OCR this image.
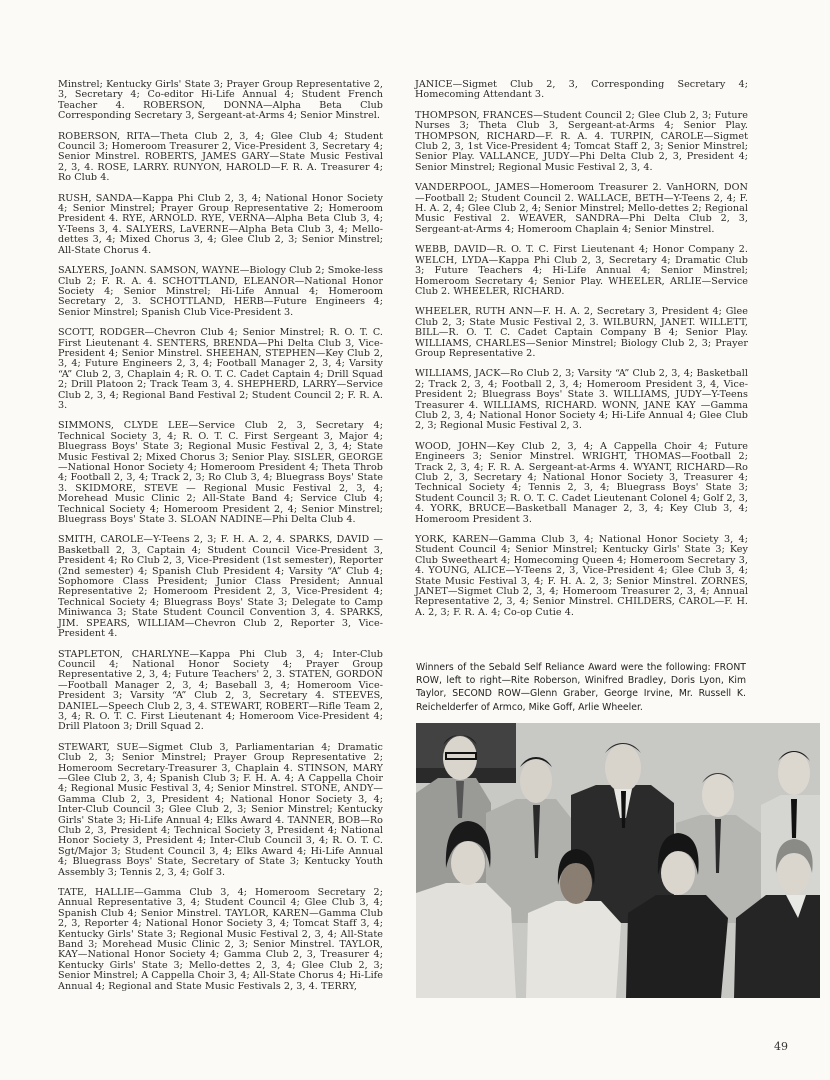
Minstrel; Kentucky Girls' State 3; Prayer Group Representative 2, 3, Secretary 4; Co-editor Hi-Life Annual 4; Student French Teacher 4. ROBERSON, DONNA—Alpha Beta Club Corresponding Secretary 3, Sergeant-at-Arms 4; Senior Minstrel.

ROBERSON, RITA—Theta Club 2, 3, 4; Glee Club 4; Student Council 3; Homeroom Treasurer 2, Vice-President 3, Secretary 4; Senior Minstrel. ROBERTS, JAMES GARY—State Music Festival 2, 3, 4. ROSE, LARRY. RUNYON, HAROLD—F. R. A. Treasurer 4; Ro Club 4.

RUSH, SANDA—Kappa Phi Club 2, 3, 4; National Honor Society 4; Senior Minstrel; Prayer Group Representative 2; Homeroom President 4. RYE, ARNOLD. RYE, VERNA—Alpha Beta Club 3, 4; Y-Teens 3, 4. SALYERS, LaVERNE—Alpha Beta Club 3, 4; Mello-dettes 3, 4; Mixed Chorus 3, 4; Glee Club 2, 3; Senior Minstrel; All-State Chorus 4.

SALYERS, JoANN. SAMSON, WAYNE—Biology Club 2; Smoke-less Club 2; F. R. A. 4. SCHOTTLAND, ELEANOR—National Honor Society 4; Senior Minstrel; Hi-Life Annual 4; Homeroom Secretary 2, 3. SCHOTTLAND, HERB—Future Engineers 4; Senior Minstrel; Spanish Club Vice-President 3.

SCOTT, RODGER—Chevron Club 4; Senior Minstrel; R. O. T. C. First Lieutenant 4. SENTERS, BRENDA—Phi Delta Club 3, Vice-President 4; Senior Minstrel. SHEEHAN, STEPHEN—Key Club 2, 3, 4; Future Engineers 2, 3, 4; Football Manager 2, 3, 4; Varsity “A” Club 2, 3, Chaplain 4; R. O. T. C. Cadet Captain 4; Drill Squad 2; Drill Platoon 2; Track Team 3, 4. SHEPHERD, LARRY—Service Club 2, 3, 4; Regional Band Festival 2; Student Council 2; F. R. A. 3.

SIMMONS, CLYDE LEE—Service Club 2, 3, Secretary 4; Technical Society 3, 4; R. O. T. C. First Sergeant 3, Major 4; Bluegrass Boys' State 3; Regional Music Festival 2, 3, 4; State Music Festival 2; Mixed Chorus 3; Senior Play. SISLER, GEORGE—National Honor Society 4; Homeroom President 4; Theta Throb 4; Football 2, 3, 4; Track 2, 3; Ro Club 3, 4; Bluegrass Boys' State 3. SKIDMORE, STEVE — Regional Music Festival 2, 3, 4; Morehead Music Clinic 2; All-State Band 4; Service Club 4; Technical Society 4; Homeroom President 2, 4; Senior Minstrel; Bluegrass Boys' State 3. SLOAN NADINE—Phi Delta Club 4.

SMITH, CAROLE—Y-Teens 2, 3; F. H. A. 2, 4. SPARKS, DAVID —Basketball 2, 3, Captain 4; Student Council Vice-President 3, President 4; Ro Club 2, 3, Vice-President (1st semester), Reporter (2nd semester) 4; Spanish Club President 4; Varsity “A” Club 4; Sophomore Class President; Junior Class President; Annual Representative 2; Homeroom President 2, 3, Vice-President 4; Technical Society 4; Bluegrass Boys' State 3; Delegate to Camp Miniwanca 3; State Student Council Convention 3, 4. SPARKS, JIM. SPEARS, WILLIAM—Chevron Club 2, Reporter 3, Vice-President 4.

STAPLETON, CHARLYNE—Kappa Phi Club 3, 4; Inter-Club Council 4; National Honor Society 4; Prayer Group Representative 2, 3, 4; Future Teachers' 2, 3. STATEN, GORDON—Football Manager 2, 3, 4; Baseball 3, 4; Homeroom Vice-President 3; Varsity “A” Club 2, 3, Secretary 4. STEEVES, DANIEL—Speech Club 2, 3, 4. STEWART, ROBERT—Rifle Team 2, 3, 4; R. O. T. C. First Lieutenant 4; Homeroom Vice-President 4; Drill Platoon 3; Drill Squad 2.

STEWART, SUE—Sigmet Club 3, Parliamentarian 4; Dramatic Club 2, 3; Senior Minstrel; Prayer Group Representative 2; Homeroom Secretary-Treasurer 3, Chaplain 4. STINSON, MARY—Glee Club 2, 3, 4; Spanish Club 3; F. H. A. 4; A Cappella Choir 4; Regional Music Festival 3, 4; Senior Minstrel. STONE, ANDY—Gamma Club 2, 3, President 4; National Honor Society 3, 4; Inter-Club Council 3; Glee Club 2, 3; Senior Minstrel; Kentucky Girls' State 3; Hi-Life Annual 4; Elks Award 4. TANNER, BOB—Ro Club 2, 3, President 4; Technical Society 3, President 4; National Honor Society 3, President 4; Inter-Club Council 3, 4; R. O. T. C. Sgt/Major 3; Student Council 3, 4; Elks Award 4; Hi-Life Annual 4; Bluegrass Boys' State, Secretary of State 3; Kentucky Youth Assembly 3; Tennis 2, 3, 4; Golf 3.

TATE, HALLIE—Gamma Club 3, 4; Homeroom Secretary 2; Annual Representative 3, 4; Student Council 4; Glee Club 3, 4; Spanish Club 4; Senior Minstrel. TAYLOR, KAREN—Gamma Club 2, 3, Reporter 4; National Honor Society 3, 4; Tomcat Staff 3, 4; Kentucky Girls' State 3; Regional Music Festival 2, 3, 4; All-State Band 3; Morehead Music Clinic 2, 3; Senior Minstrel. TAYLOR, KAY—National Honor Society 4; Gamma Club 2, 3, Treasurer 4; Kentucky Girls' State 3; Mello-dettes 2, 3, 4; Glee Club 2, 3; Senior Minstrel; A Cappella Choir 3, 4; All-State Chorus 4; Hi-Life Annual 4; Regional and State Music Festivals 2, 3, 4. TERRY,

JANICE—Sigmet Club 2, 3, Corresponding Secretary 4; Homecoming Attendant 3.

THOMPSON, FRANCES—Student Council 2; Glee Club 2, 3; Future Nurses 3; Theta Club 3, Sergeant-at-Arms 4; Senior Play. THOMPSON, RICHARD—F. R. A. 4. TURPIN, CAROLE—Sigmet Club 2, 3, 1st Vice-President 4; Tomcat Staff 2, 3; Senior Minstrel; Senior Play. VALLANCE, JUDY—Phi Delta Club 2, 3, President 4; Senior Minstrel; Regional Music Festival 2, 3, 4.

VANDERPOOL, JAMES—Homeroom Treasurer 2. VanHORN, DON —Football 2; Student Council 2. WALLACE, BETH—Y-Teens 2, 4; F. H. A. 2, 4; Glee Club 2, 4; Senior Minstrel; Mello-dettes 2; Regional Music Festival 2. WEAVER, SANDRA—Phi Delta Club 2, 3, Sergeant-at-Arms 4; Homeroom Chaplain 4; Senior Minstrel.

WEBB, DAVID—R. O. T. C. First Lieutenant 4; Honor Company 2. WELCH, LYDA—Kappa Phi Club 2, 3, Secretary 4; Dramatic Club 3; Future Teachers 4; Hi-Life Annual 4; Senior Minstrel; Homeroom Secretary 4; Senior Play. WHEELER, ARLIE—Service Club 2. WHEELER, RICHARD.

WHEELER, RUTH ANN—F. H. A. 2, Secretary 3, President 4; Glee Club 2, 3; State Music Festival 2, 3. WILBURN, JANET. WILLETT, BILL—R. O. T. C. Cadet Captain Company B 4; Senior Play. WILLIAMS, CHARLES—Senior Minstrel; Biology Club 2, 3; Prayer Group Representative 2.

WILLIAMS, JACK—Ro Club 2, 3; Varsity “A” Club 2, 3, 4; Basketball 2; Track 2, 3, 4; Football 2, 3, 4; Homeroom President 3, 4, Vice-President 2; Bluegrass Boys' State 3. WILLIAMS, JUDY—Y-Teens Treasurer 4. WILLIAMS, RICHARD. WONN, JANE KAY —Gamma Club 2, 3, 4; National Honor Society 4; Hi-Life Annual 4; Glee Club 2, 3; Regional Music Festival 2, 3.

WOOD, JOHN—Key Club 2, 3, 4; A Cappella Choir 4; Future Engineers 3; Senior Minstrel. WRIGHT, THOMAS—Football 2; Track 2, 3, 4; F. R. A. Sergeant-at-Arms 4. WYANT, RICHARD—Ro Club 2, 3, Secretary 4; National Honor Society 3, Treasurer 4; Technical Society 4; Tennis 2, 3, 4; Bluegrass Boys' State 3; Student Council 3; R. O. T. C. Cadet Lieutenant Colonel 4; Golf 2, 3, 4. YORK, BRUCE—Basketball Manager 2, 3, 4; Key Club 3, 4; Homeroom President 3.

YORK, KAREN—Gamma Club 3, 4; National Honor Society 3, 4; Student Council 4; Senior Minstrel; Kentucky Girls' State 3; Key Club Sweetheart 4; Homecoming Queen 4; Homeroom Secretary 3, 4. YOUNG, ALICE—Y-Teens 2, 3, Vice-President 4; Glee Club 3, 4; State Music Festival 3, 4; F. H. A. 2, 3; Senior Minstrel. ZORNES, JANET—Sigmet Club 2, 3, 4; Homeroom Treasurer 2, 3, 4; Annual Representative 2, 3, 4; Senior Minstrel. CHILDERS, CAROL—F. H. A. 2, 3; F. R. A. 4; Co-op Cutie 4.

Winners of the Sebald Self Reliance Award were the following: FRONT ROW, left to right—Rite Roberson, Winifred Bradley, Doris Lyon, Kim Taylor, SECOND ROW—Glenn Graber, George Irvine, Mr. Russell K. Reichelderfer of Armco, Mike Goff, Arlie Wheeler.
49
